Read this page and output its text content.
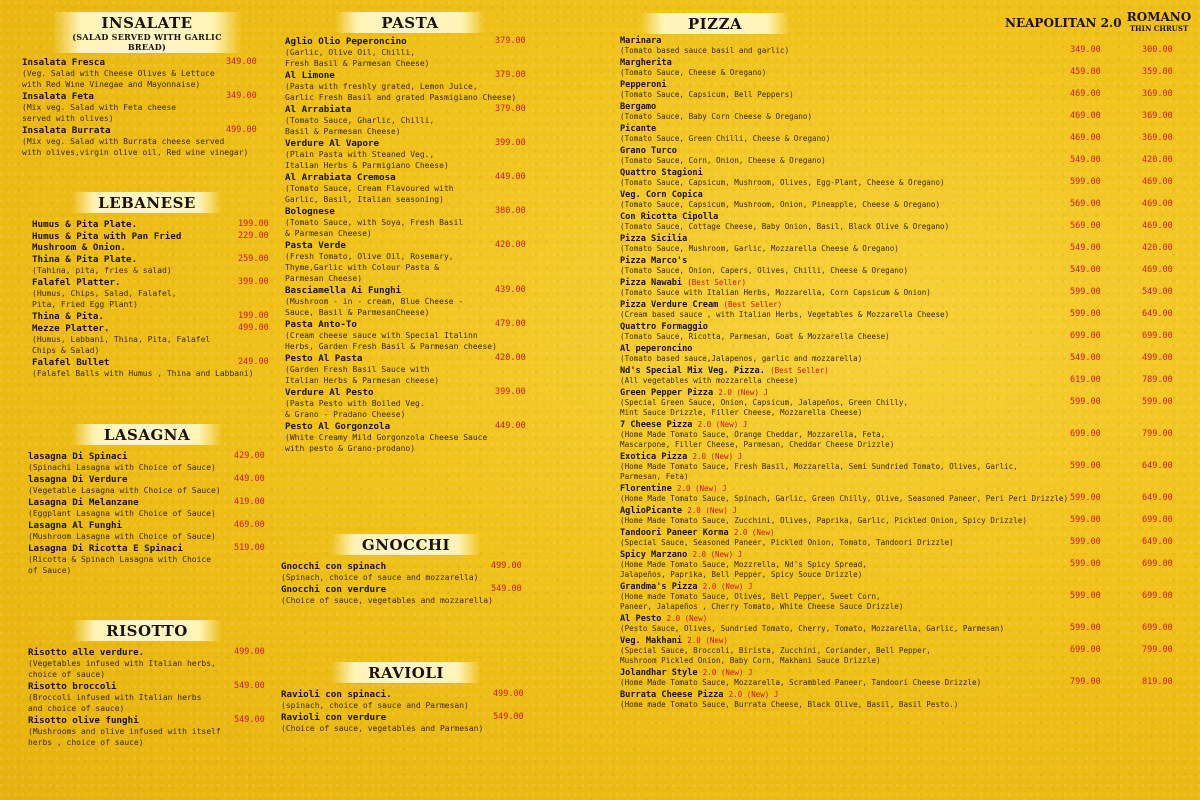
INSALATE
(SALAD SERVED WITH GARLIC BREAD)
Insalata Fresca
(Veg. Salad with Cheese Olives & Lettuce
with Red Wine Vinegae and Mayonnaise)
349.00
Insalata Feta
(Mix veg. Salad with Feta cheese
served with olives)
349.00
Insalata Burrata
(Mix veg. Salad with Burrata cheese served
with olives,virgin olive oil, Red wine vinegar)
499.00
LEBANESE
Humus & Pita Plate.	199.00
Humus & Pita with Pan Fried
Mushroom & Onion.
229.00
Thina & Pita Plate.
(Tahina, pita, fries & salad)
259.00
Falafel Platter.
(Humus, Chips, Salad, Falafel,
Pita, Fried Egg Plant)
399.00
Thina & Pita.	199.00
Mezze Platter.
(Humus, Labbani, Thina, Pita, Falafel
Chips & Salad)
499.00
Falafel Bullet
(Falafel Balls with Humus , Thina and Labbani)
249.00
LASAGNA
lasagna Di Spinaci
(Spinachi Lasagna with Choice of Sauce)
429.00
lasagna Di Verdure
(Vegetable Lasagna with Choice of Sauce)
449.00
Lasagna Di Melanzane
(Eggplant Lasagna with Choice of Sauce)
419.00
Lasagna Al Funghi
(Mushroom Lasagna with Choice of Sauce)
469.00
Lasagna Di Ricotta E Spinaci
(Ricotta & Spinach Lasagna with Choice
of Sauce)
519.00
RISOTTO
Risotto alle verdure.
(Vegetables infused with Italian herbs,
choice of sauce)
499.00
Risotto broccoli
(Broccoli infused with Italian herbs
and choice of sauce)
549.00
Risotto olive funghi
(Mushrooms and olive infused with itself
herbs , choice of sauce)
549.00
PASTA
Aglio Olio Peperoncino
(Garlic, Olive Oil, Chilli,
Fresh Basil & Parmesan Cheese)
379.00
Al Limone
(Pasta with freshly grated, Lemon Juice,
Garlic Fresh Basil and grated Pasmigiano Cheese)
379.00
Al Arrabiata
(Tomato Sauce, Gharlic, Chilli,
Basil & Parmesan Cheese)
379.00
Verdure Al Vapore
(Plain Pasta with Steaned Veg.,
Italian Herbs & Parmigiano Cheese)
399.00
Al Arrabiata Cremosa
(Tomato Sauce, Cream Flavoured with
Garlic, Basil, Italian seasoning)
449.00
Bolognese
(Tomato Sauce, with Soya, Fresh Basil
& Parmesan Cheese)
380.00
Pasta Verde
(Fresh Tomato, Olive Oil, Rosemary,
Thyme,Garlic with Colour Pasta &
Parmesan Cheese)
420.00
Basciamella Ai Funghi
(Mushroom - in - cream, Blue Cheese -
Sauce, Basil & ParmesanCheese)
439.00
Pasta Anto-To
(Cream cheese sauce with Special Italinn
Herbs, Garden Fresh Basil & Parmesan cheese)
479.00
Pesto Al Pasta
(Garden Fresh Basil Sauce with
Italian Herbs & Parmesan cheese)
420.00
Verdure Al Pesto
(Pasta Pesto with Boiled Veg.
& Grano - Pradano Cheese)
399.00
Pesto Al Gorgonzola
(White Creamy Mild Gorgonzola Cheese Sauce
with pesto & Grano-prodano)
449.00
GNOCCHI
Gnocchi con spinach
(Spinach, choice of sauce and mozzarella)
499.00
Gnocchi con verdure
(Choice of sauce, vegetables and mozzarella)
549.00
RAVIOLI
Ravioli con spinaci.
(spinach, choice of sauce and Parmesan)
499.00
Ravioli con verdure
(Choice of sauce, vegetables and Parmesan)
549.00
PIZZA	NEAPOLITAN 2.0 ROMANO
THIN CHRUST
Marinara
(Tomato based sauce basil and garlic)	349.00	300.00
Margherita
(Tomato Sauce, Cheese & Oregano)	459.00	359.00
Pepperoni
(Tomato Sauce, Capsicum, Bell Peppers)	469.00	369.00
Bergamo
(Tomato Sauce, Baby Corn Cheese & Oregano)	469.00	369.00
Picante
(Tomato Sauce, Green Chilli, Cheese & Oregano)	469.00	369.00
Grano Turco
(Tomato Sauce, Corn, Onion, Cheese & Oregano)	549.00	420.00
Quattro Stagioni
(Tomato Sauce, Capsicum, Mushroom, Olives, Egg-Plant, Cheese & Oregano)	599.00	469.00
Veg. Corn Copica
(Tomato Sauce, Capsicum, Mushroom, Onion, Pineapple, Cheese & Oregano)	569.00	469.00
Con Ricotta Cipolla
(Tomato Sauce, Cottage Cheese, Baby Onion, Basil, Black Olive & Oregano)	569.00	469.00
Pizza Sicilia
(Tomato Sauce, Mushroom, Garlic, Mozzarella Cheese & Oregano)	549.00	420.00
Pizza Marco's
(Tomato Sauce, Onion, Capers, Olives, Chilli, Cheese & Oregano)	549.00	469.00
Pizza Nawabi (Best Seller)
(Tomato Sauce with Italian Herbs, Mozzarella, Corn Capsicum & Onion)	599.00	549.00
Pizza Verdure Cream (Best Seller)
(Cream based sauce , with Italian Herbs, Vegetables & Mozzarella Cheese)	599.00	649.00
Quattro Formaggio
(Tomato Sauce, Ricotta, Parmesan, Goat & Mozzarella Cheese)	699.00	699.00
Al peperoncino
(Tomato based sauce,Jalapenos, garlic and mozzarella)	549.00	499.00
Nd's Special Mix Veg. Pizza. (Best Seller)
(All vegetables with mozzarella cheese)	619.00	789.00
Green Pepper Pizza 2.0 (New) J
(Special Green Sauce, Onion, Capsicum, Jalapeños, Green Chilly,
Mint Sauce Drizzle, Filler Cheese, Mozzarella Cheese)
599.00	599.00
7 Cheese Pizza 2.0 (New) J
(Home Made Tomato Sauce, Orange Cheddar, Mozzarella, Feta,
Mascarpone, Filler Cheese, Parmesan, Cheddar Cheese Drizzle)
699.00	799.00
Exotica Pizza 2.0 (New) J
(Home Made Tomato Sauce, Fresh Basil, Mozzarella, Semi Sundried Tomato, Olives, Garlic,
Parmesan, Feta)
599.00	649.00
Florentine 2.0 (New) J
(Home Made Tomato Sauce, Spinach, Garlic, Green Chilly, Olive, Seasoned Paneer, Peri Peri Drizzle) 599.00	649.00
AglioPicante 2.0 (New) J
(Home Made Tomato Sauce, Zucchini, Olives, Paprika, Garlic, Pickled Onion, Spicy Drizzle)	599.00	699.00
Tandoori Paneer Korma 2.0 (New)
(Special Sauce, Seasoned Paneer, Pickled Onion, Tomato, Tandoori Drizzle)	599.00	649.00
Spicy Marzano 2.0 (New) J
(Home Made Tomato Sauce, Mozzrella, Nd's Spicy Spread,
Jalapeños, Paprika, Bell Pepper, Spicy Souce Drizzle)
599.00	699.00
Grandma's Pizza 2.0 (New) J
(Home made Tomato Sauce, Olives, Bell Pepper, Sweet Corn,
Paneer, Jalapeños , Cherry Tomato, White Cheese Sauce Drizzle)
599.00	699.00
Al Pesto 2.0 (New)
(Pesto Sauce, Olives, Sundried Tomato, Cherry, Tomato, Mozzarella, Garlic, Parmesan)	599.00	699.00
Veg. Makhani 2.0 (New)
(Special Sauce, Broccoli, Birista, Zucchini, Coriander, Bell Pepper,
Mushroom Pickled Onion, Baby Corn, Makhani Sauce Drizzle)
699.00	799.00
Jolandhar Style 2.0 (New) J
(Home Made Tomato Sauce, Mozzarella, Scrambled Paneer, Tandoori Cheese Drizzle)	799.00	819.00
Burrata Cheese Pizza 2.0 (New) J
(Home made Tomato Sauce, Burrata Cheese, Black Olive, Basil, Basil Pesto.)
